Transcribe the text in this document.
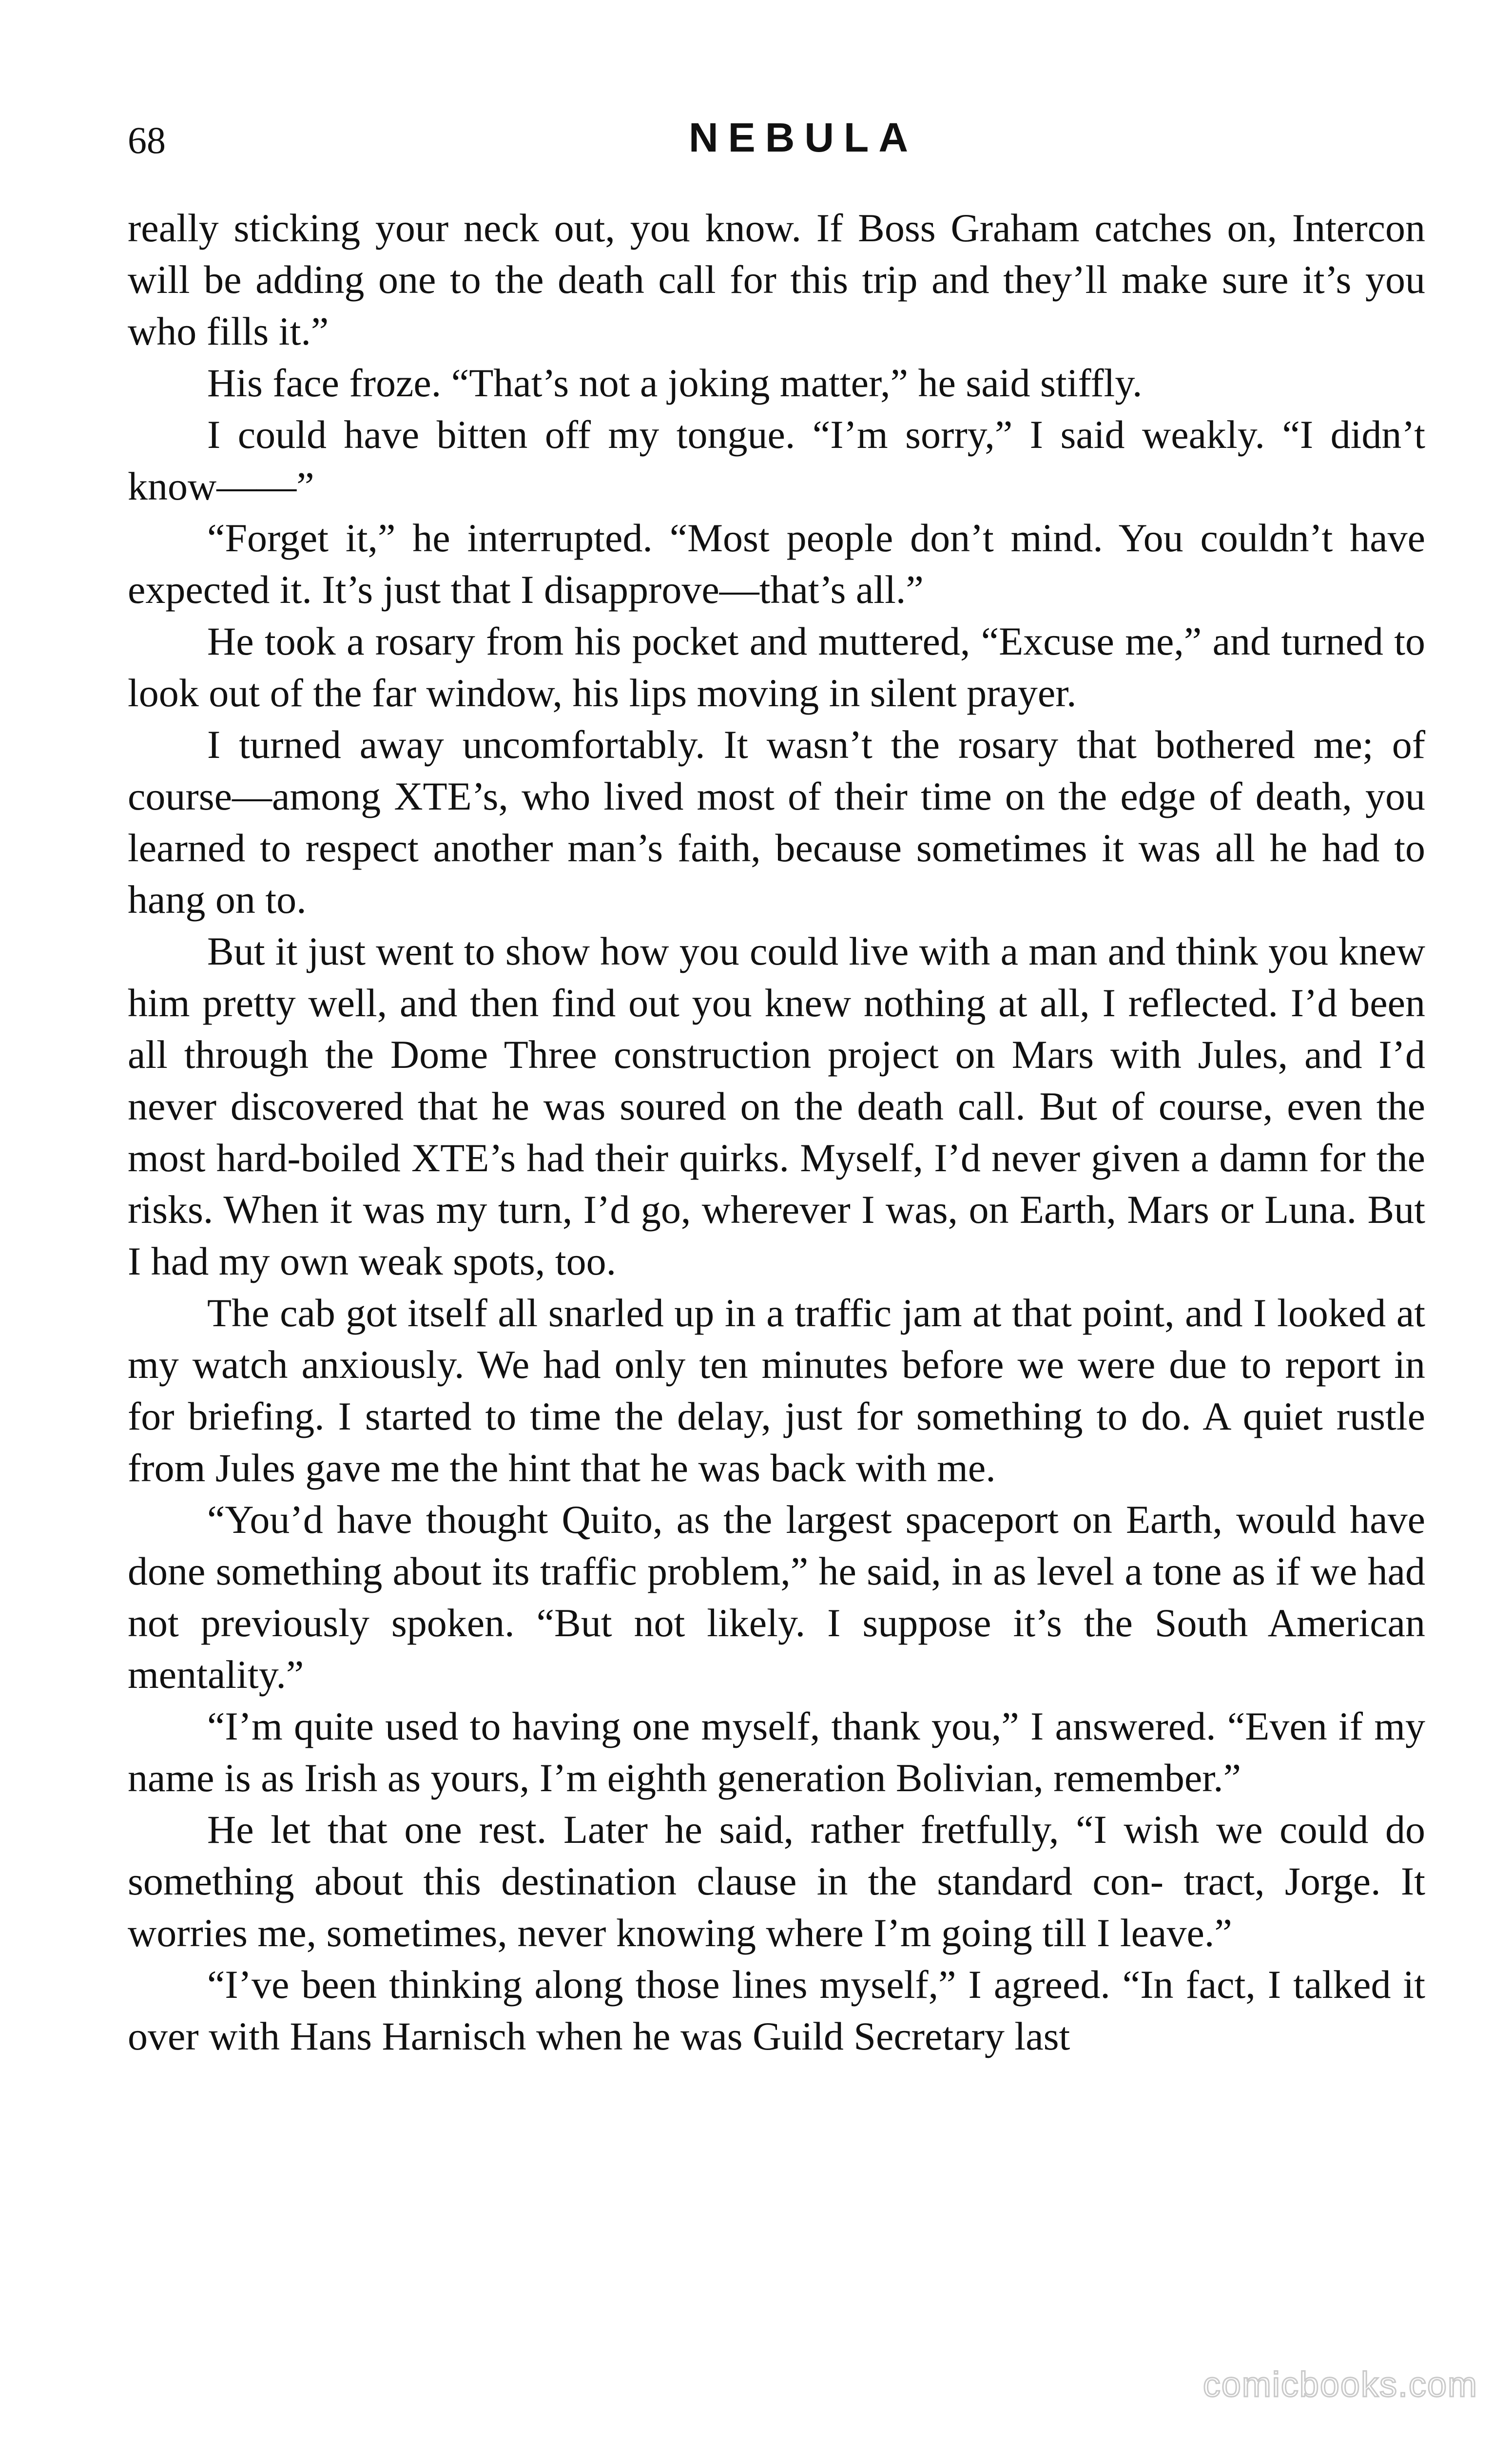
68	NEBULA

really sticking your neck out, you know. If Boss Graham catches on, Intercon will be adding one to the death call for this trip and they’ll make sure it’s you who fills it.”

His face froze. “That’s not a joking matter,” he said stiffly.

I could have bitten off my tongue. “I’m sorry,” I said weakly. “I didn’t know——”

“Forget it,” he interrupted. “Most people don’t mind. You couldn’t have expected it. It’s just that I disapprove—that’s all.”

He took a rosary from his pocket and muttered, “Excuse me,” and turned to look out of the far window, his lips moving in silent prayer.

I turned away uncomfortably. It wasn’t the rosary that bothered me; of course—among XTE’s, who lived most of their time on the edge of death, you learned to respect another man’s faith, because sometimes it was all he had to hang on to.

But it just went to show how you could live with a man and think you knew him pretty well, and then find out you knew nothing at all, I reflected. I’d been all through the Dome Three construction project on Mars with Jules, and I’d never discovered that he was soured on the death call. But of course, even the most hard-boiled XTE’s had their quirks. Myself, I’d never given a damn for the risks. When it was my turn, I’d go, wherever I was, on Earth, Mars or Luna. But I had my own weak spots, too.

The cab got itself all snarled up in a traffic jam at that point, and I looked at my watch anxiously. We had only ten minutes before we were due to report in for briefing. I started to time the delay, just for something to do. A quiet rustle from Jules gave me the hint that he was back with me.

“You’d have thought Quito, as the largest spaceport on Earth, would have done something about its traffic problem,” he said, in as level a tone as if we had not previously spoken. “But not likely. I suppose it’s the South American mentality.”

“I’m quite used to having one myself, thank you,” I answered. “Even if my name is as Irish as yours, I’m eighth generation Bolivian, remember.”

He let that one rest. Later he said, rather fretfully, “I wish we could do something about this destination clause in the standard con- tract, Jorge. It worries me, sometimes, never knowing where I’m going till I leave.”

“I’ve been thinking along those lines myself,” I agreed. “In fact, I talked it over with Hans Harnisch when he was Guild Secretary last

comicbooks.com
